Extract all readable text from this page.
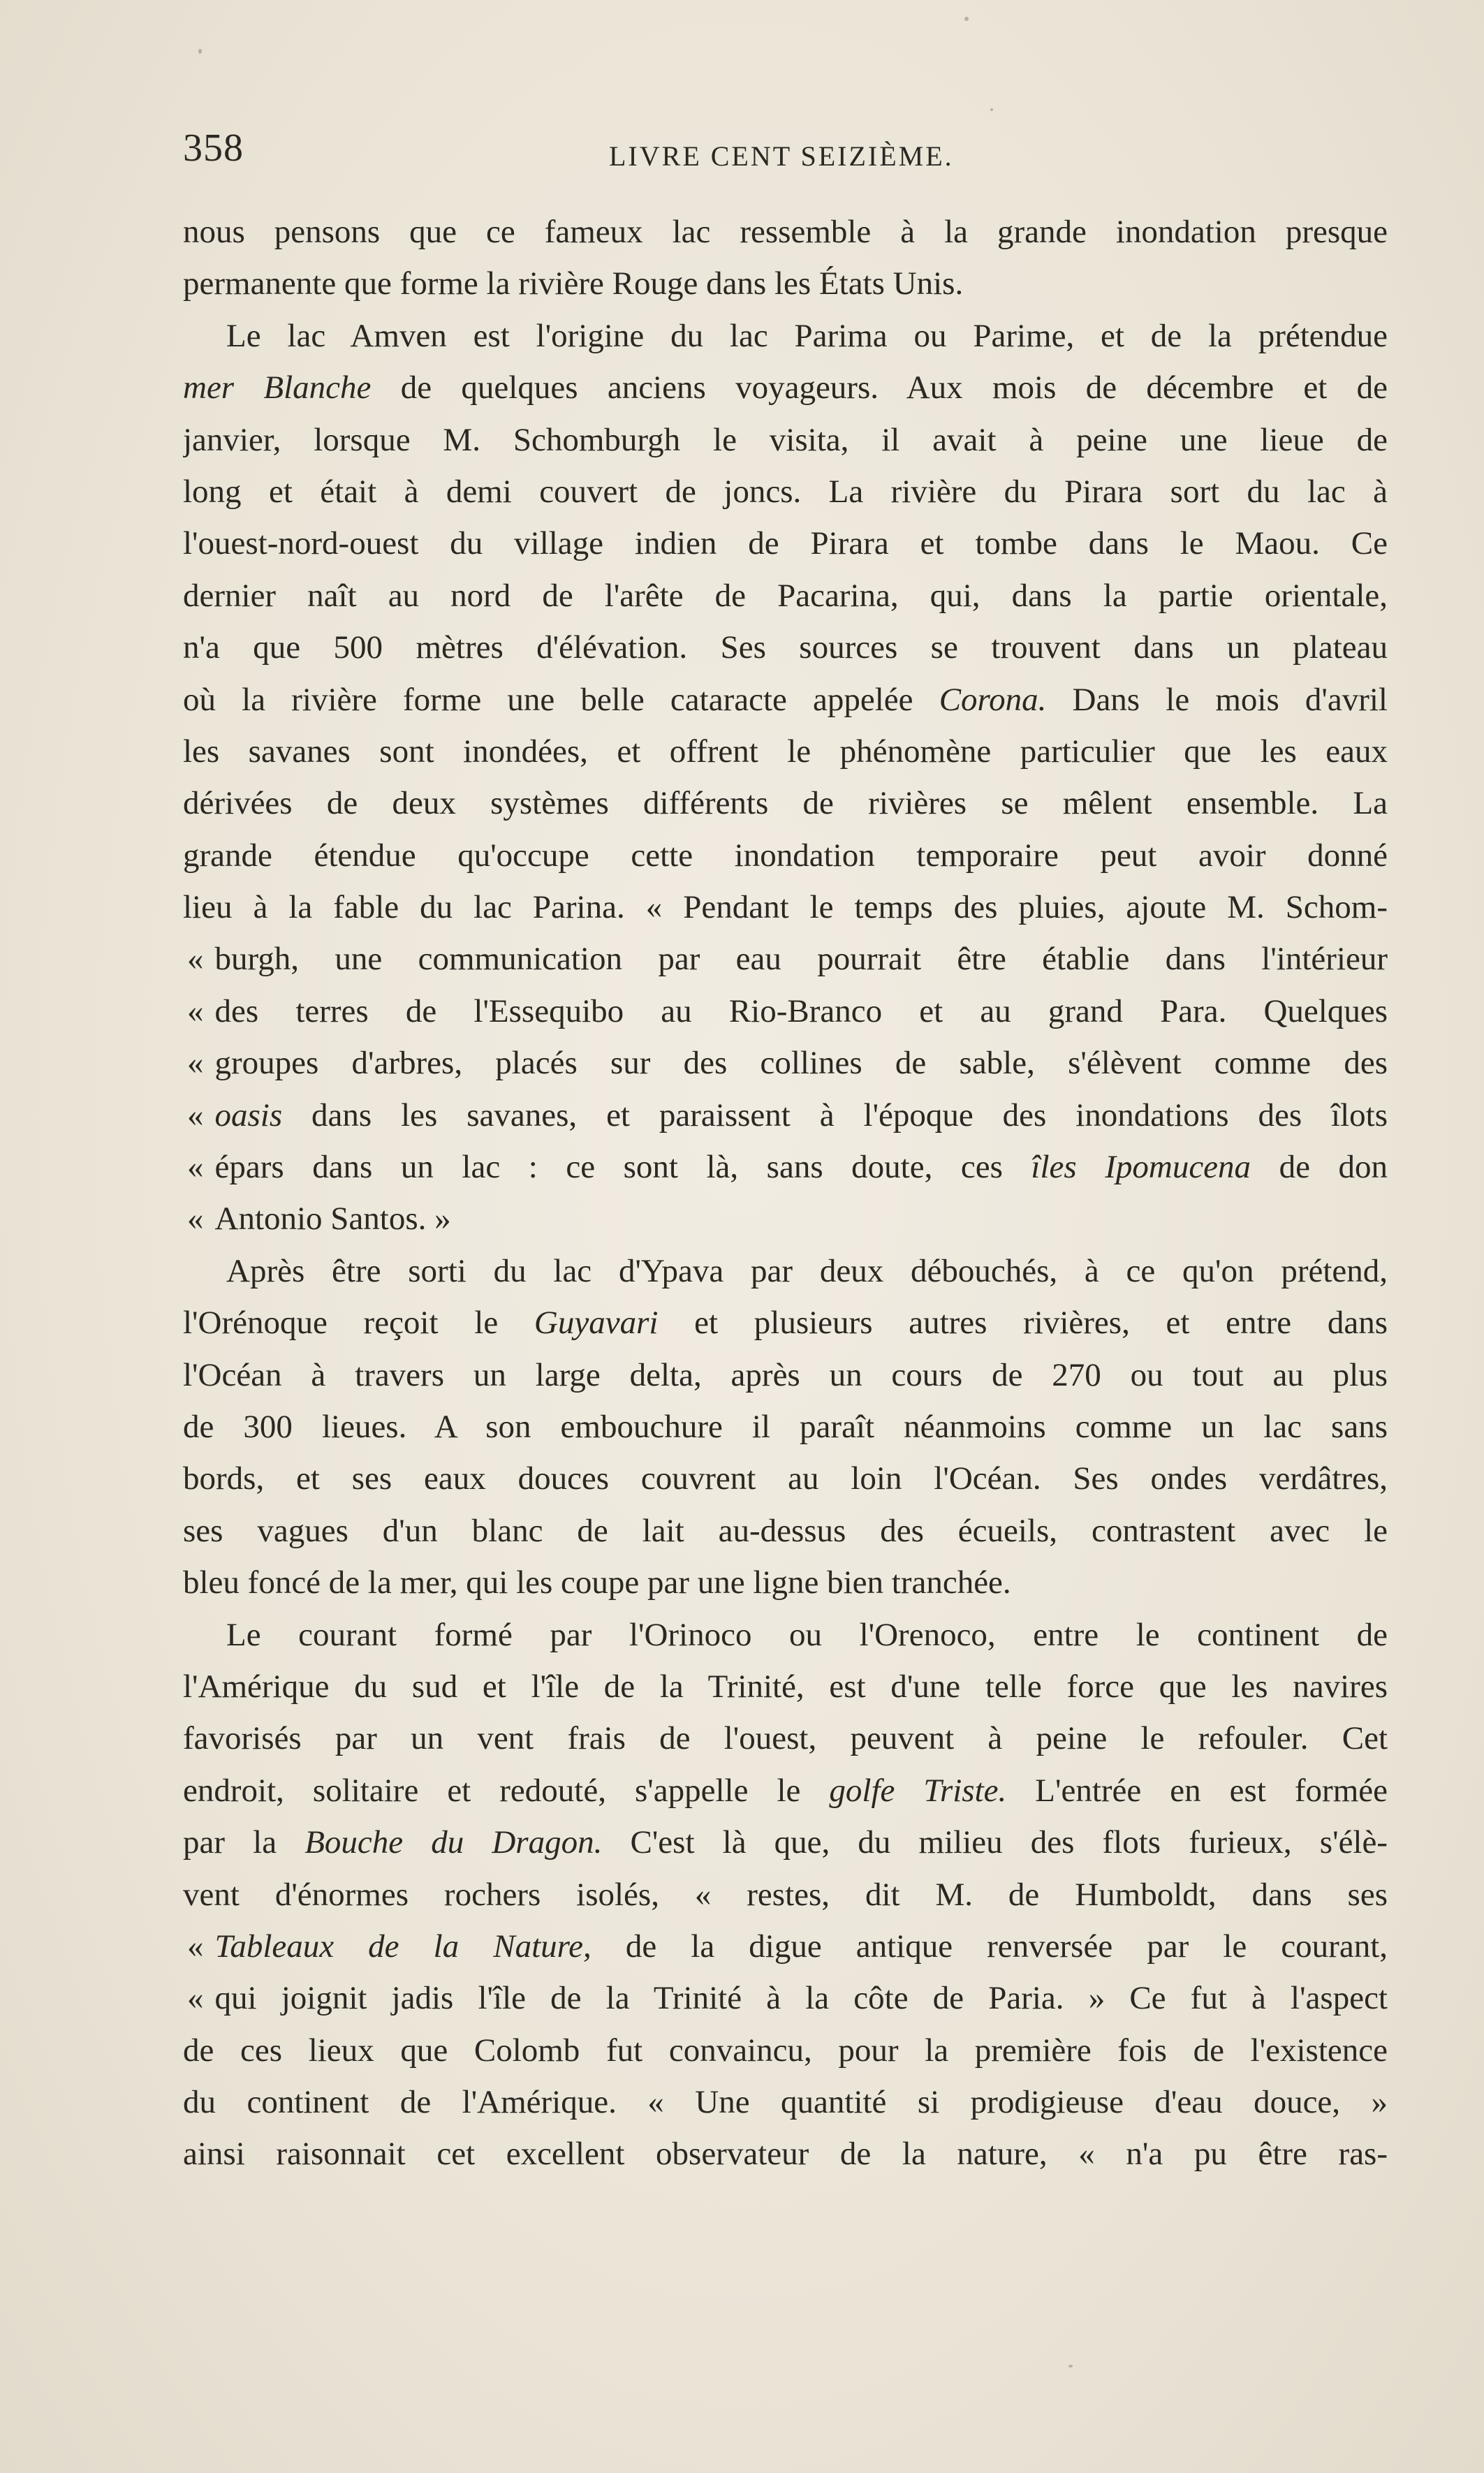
358	LIVRE CENT SEIZIÈME.
nous pensons que ce fameux lac ressemble à la grande inondation presque
permanente que forme la rivière Rouge dans les États Unis.
Le lac Amven est l'origine du lac Parima ou Parime, et de la prétendue
mer Blanche de quelques anciens voyageurs. Aux mois de décembre et de
janvier, lorsque M. Schomburgh le visita, il avait à peine une lieue de
long et était à demi couvert de joncs. La rivière du Pirara sort du lac à
l'ouest-nord-ouest du village indien de Pirara et tombe dans le Maou. Ce
dernier naît au nord de l'arête de Pacarina, qui, dans la partie orientale,
n'a que 500 mètres d'élévation. Ses sources se trouvent dans un plateau
où la rivière forme une belle cataracte appelée Corona. Dans le mois d'avril
les savanes sont inondées, et offrent le phénomène particulier que les eaux
dérivées de deux systèmes différents de rivières se mêlent ensemble. La
grande étendue qu'occupe cette inondation temporaire peut avoir donné
lieu à la fable du lac Parina. « Pendant le temps des pluies, ajoute M. Schom-
« burgh, une communication par eau pourrait être établie dans l'intérieur
« des terres de l'Essequibo au Rio-Branco et au grand Para. Quelques
« groupes d'arbres, placés sur des collines de sable, s'élèvent comme des
« oasis dans les savanes, et paraissent à l'époque des inondations des îlots
« épars dans un lac : ce sont là, sans doute, ces îles Ipomucena de don
« Antonio Santos. »
Après être sorti du lac d'Ypava par deux débouchés, à ce qu'on prétend,
l'Orénoque reçoit le Guyavari et plusieurs autres rivières, et entre dans
l'Océan à travers un large delta, après un cours de 270 ou tout au plus
de 300 lieues. A son embouchure il paraît néanmoins comme un lac sans
bords, et ses eaux douces couvrent au loin l'Océan. Ses ondes verdâtres,
ses vagues d'un blanc de lait au-dessus des écueils, contrastent avec le
bleu foncé de la mer, qui les coupe par une ligne bien tranchée.
Le courant formé par l'Orinoco ou l'Orenoco, entre le continent de
l'Amérique du sud et l'île de la Trinité, est d'une telle force que les navires
favorisés par un vent frais de l'ouest, peuvent à peine le refouler. Cet
endroit, solitaire et redouté, s'appelle le golfe Triste. L'entrée en est formée
par la Bouche du Dragon. C'est là que, du milieu des flots furieux, s'élè-
vent d'énormes rochers isolés, « restes, dit M. de Humboldt, dans ses
« Tableaux de la Nature, de la digue antique renversée par le courant,
« qui joignit jadis l'île de la Trinité à la côte de Paria. » Ce fut à l'aspect
de ces lieux que Colomb fut convaincu, pour la première fois de l'existence
du continent de l'Amérique. « Une quantité si prodigieuse d'eau douce, »
ainsi raisonnait cet excellent observateur de la nature, « n'a pu être ras-
